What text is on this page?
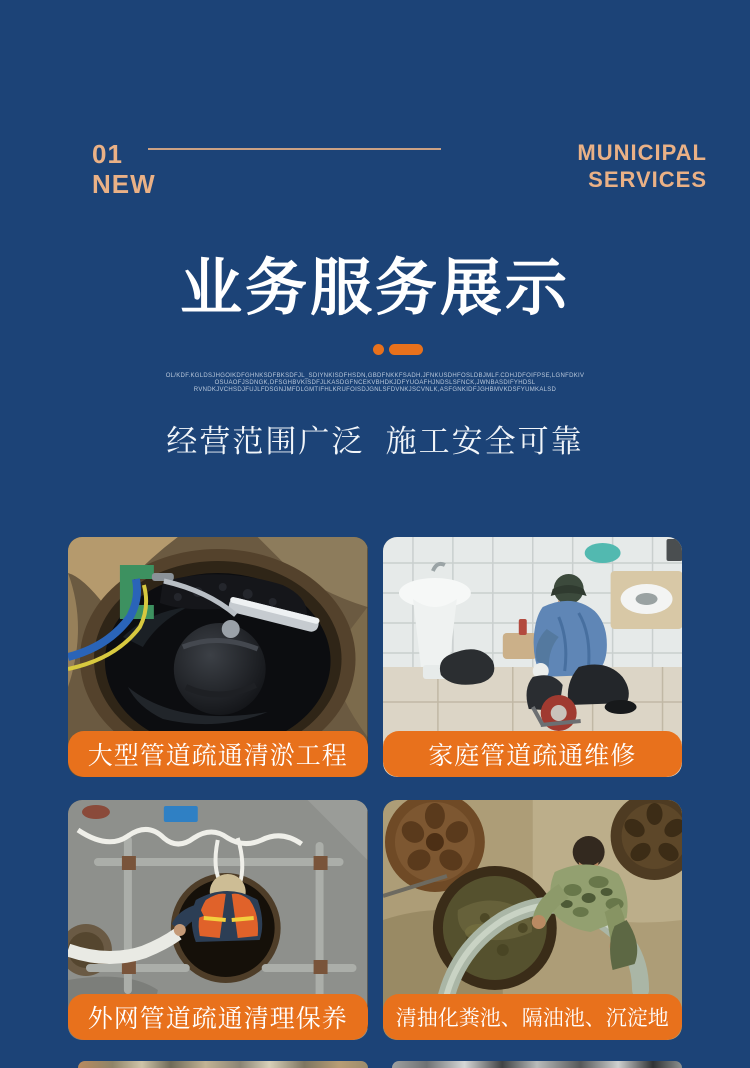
01
NEW
MUNICIPAL
SERVICES
业务服务展示
OL/KDF.KGLDSJHGOIKDFGHNKSDFBKSDFJL_SDIYNKISDFHSDN,GBDFNKKFSADH.JFNKUSDHFOSLDBJMLF.CDHJDFOIFPSE,LGNFDKIV
OSUAOFJSDNGK,DFSGHBVKISDFJLKASDGFNCEKVBHDKJDFYUOAFHJNDSLSFNCK,JWNBASDIFYHDSL
RVNDKJVCHSDJFUJLFDSGNJMFDLGMTIFHLKRUFOISDJGNLSFDVNKJSCVNLK,ASFGNKIDFJGHBMVKDSFYUMKALSD
经营范围广泛  施工安全可靠
大型管道疏通清淤工程	家庭管道疏通维修
外网管道疏通清理保养	清抽化粪池、隔油池、沉淀地
